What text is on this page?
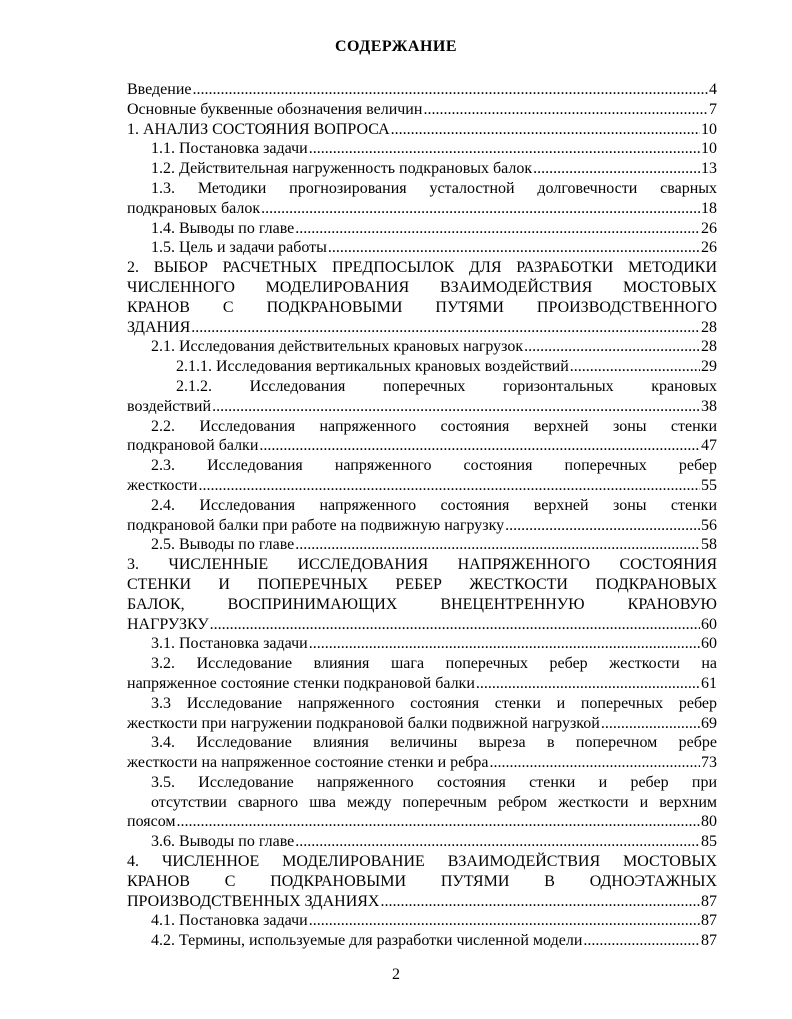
СОДЕРЖАНИЕ
Введение .....	4
Основные буквенные обозначения величин .....	7
1. АНАЛИЗ СОСТОЯНИЯ ВОПРОСА .....	10
1.1. Постановка задачи .....	10
1.2. Действительная нагруженность подкрановых балок .....	13
1.3. Методики прогнозирования усталостной долговечности сварных
подкрановых балок .....	18
1.4. Выводы по главе .....	26
1.5. Цель и задачи работы .....	26
2. ВЫБОР РАСЧЕТНЫХ ПРЕДПОСЫЛОК ДЛЯ РАЗРАБОТКИ МЕТОДИКИ
ЧИСЛЕННОГО МОДЕЛИРОВАНИЯ ВЗАИМОДЕЙСТВИЯ МОСТОВЫХ
КРАНОВ С ПОДКРАНОВЫМИ ПУТЯМИ ПРОИЗВОДСТВЕННОГО
ЗДАНИЯ .....	28
2.1. Исследования действительных крановых нагрузок .....	28
2.1.1. Исследования вертикальных крановых воздействий .....	29
2.1.2. Исследования поперечных горизонтальных крановых
воздействий .....	38
2.2. Исследования напряженного состояния верхней зоны стенки
подкрановой балки .....	47
2.3. Исследования напряженного состояния поперечных ребер
жесткости .....	55
2.4. Исследования напряженного состояния верхней зоны стенки
подкрановой балки при работе на подвижную нагрузку .....	56
2.5. Выводы по главе .....	58
3. ЧИСЛЕННЫЕ ИССЛЕДОВАНИЯ НАПРЯЖЕННОГО СОСТОЯНИЯ
СТЕНКИ И ПОПЕРЕЧНЫХ РЕБЕР ЖЕСТКОСТИ ПОДКРАНОВЫХ
БАЛОК, ВОСПРИНИМАЮЩИХ ВНЕЦЕНТРЕННУЮ КРАНОВУЮ
НАГРУЗКУ .....	60
3.1. Постановка задачи .....	60
3.2. Исследование влияния шага поперечных ребер жесткости на
напряженное состояние стенки подкрановой балки .....	61
3.3 Исследование напряженного состояния стенки и поперечных ребер
жесткости при нагружении подкрановой балки подвижной нагрузкой .....	69
3.4. Исследование влияния величины выреза в поперечном ребре
жесткости на напряженное состояние стенки и ребра .....	73
3.5. Исследование напряженного состояния стенки и ребер при
отсутствии сварного шва между поперечным ребром жесткости и верхним
поясом .....	80
3.6. Выводы по главе .....	85
4. ЧИСЛЕННОЕ МОДЕЛИРОВАНИЕ ВЗАИМОДЕЙСТВИЯ МОСТОВЫХ
КРАНОВ С ПОДКРАНОВЫМИ ПУТЯМИ В ОДНОЭТАЖНЫХ
ПРОИЗВОДСТВЕННЫХ ЗДАНИЯХ .....	87
4.1. Постановка задачи .....	87
4.2. Термины, используемые для разработки численной модели .....	87
2
